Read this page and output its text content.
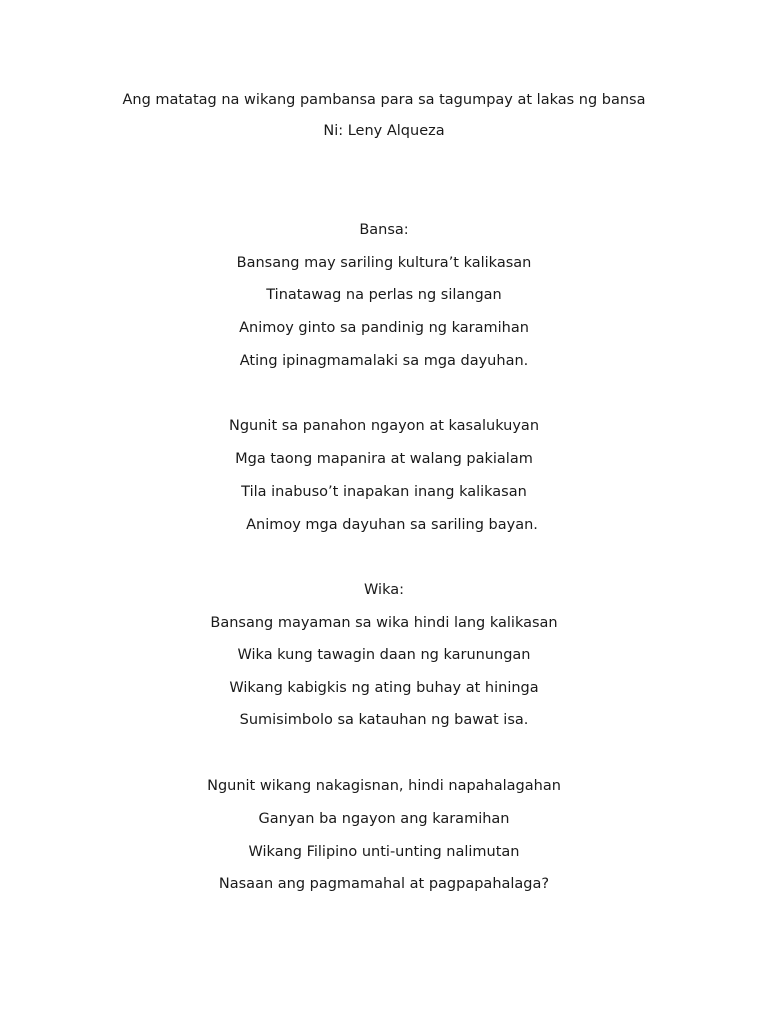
Ang matatag na wikang pambansa para sa tagumpay at lakas ng bansa
Ni: Leny Alqueza
Bansa:
Bansang may sariling kultura’t kalikasan
Tinatawag na perlas ng silangan
Animoy ginto sa pandinig ng karamihan
Ating ipinagmamalaki sa mga dayuhan.
Ngunit sa panahon ngayon at kasalukuyan
Mga taong mapanira at walang pakialam
Tila inabuso’t inapakan inang kalikasan
Animoy mga dayuhan sa sariling bayan.
Wika:
Bansang mayaman sa wika hindi lang kalikasan
Wika kung tawagin daan ng karunungan
Wikang kabigkis ng ating buhay at hininga
Sumisimbolo sa katauhan ng bawat isa.
Ngunit wikang nakagisnan, hindi napahalagahan
Ganyan ba ngayon ang karamihan
Wikang Filipino unti-unting nalimutan
Nasaan ang pagmamahal at pagpapahalaga?
